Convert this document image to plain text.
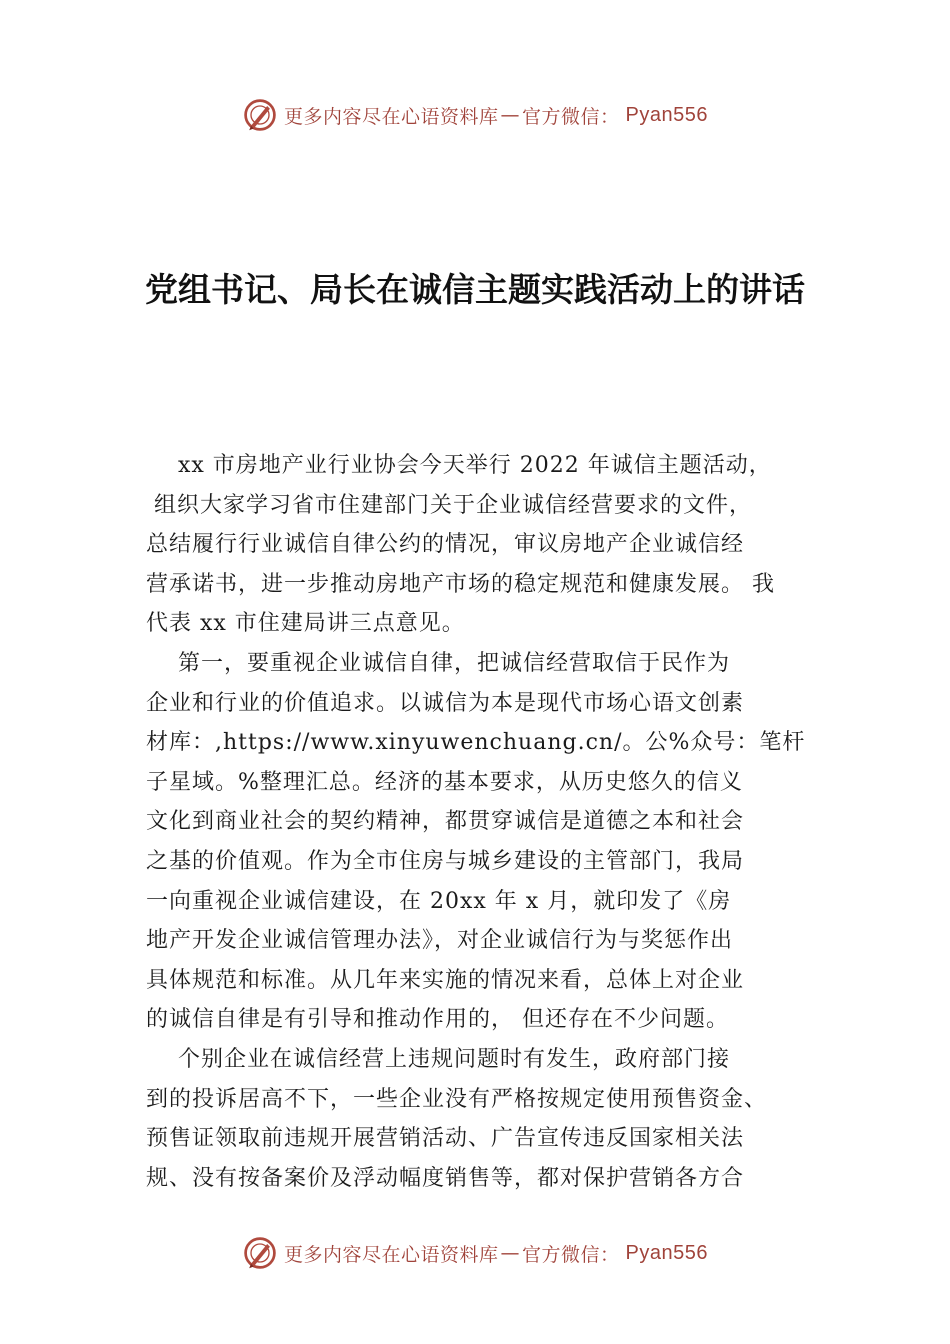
更多内容尽在心语资料库 — 官方微信： Pyan556
党组书记、局长在诚信主题实践活动上的讲话
xx 市房地产业行业协会今天举行 2022 年诚信主题活动，
组织大家学习省市住建部门关于企业诚信经营要求的文件，
总结履行行业诚信自律公约的情况，审议房地产企业诚信经
营承诺书，进一步推动房地产市场的稳定规范和健康发展。 我
代表 xx 市住建局讲三点意见。
第一，要重视企业诚信自律，把诚信经营取信于民作为
企业和行业的价值追求。以诚信为本是现代市场心语文创素
材库：,https://www.xinyuwenchuang.cn/。公%众号：笔杆
子星域。%整理汇总。经济的基本要求，从历史悠久的信义
文化到商业社会的契约精神，都贯穿诚信是道德之本和社会
之基的价值观。作为全市住房与城乡建设的主管部门，我局
一向重视企业诚信建设，在 20xx 年 x 月，就印发了《房
地产开发企业诚信管理办法》，对企业诚信行为与奖惩作出
具体规范和标准。从几年来实施的情况来看，总体上对企业
的诚信自律是有引导和推动作用的， 但还存在不少问题。
个别企业在诚信经营上违规问题时有发生，政府部门接
到的投诉居高不下，一些企业没有严格按规定使用预售资金、
预售证领取前违规开展营销活动、广告宣传违反国家相关法
规、没有按备案价及浮动幅度销售等，都对保护营销各方合
更多内容尽在心语资料库 — 官方微信： Pyan556
